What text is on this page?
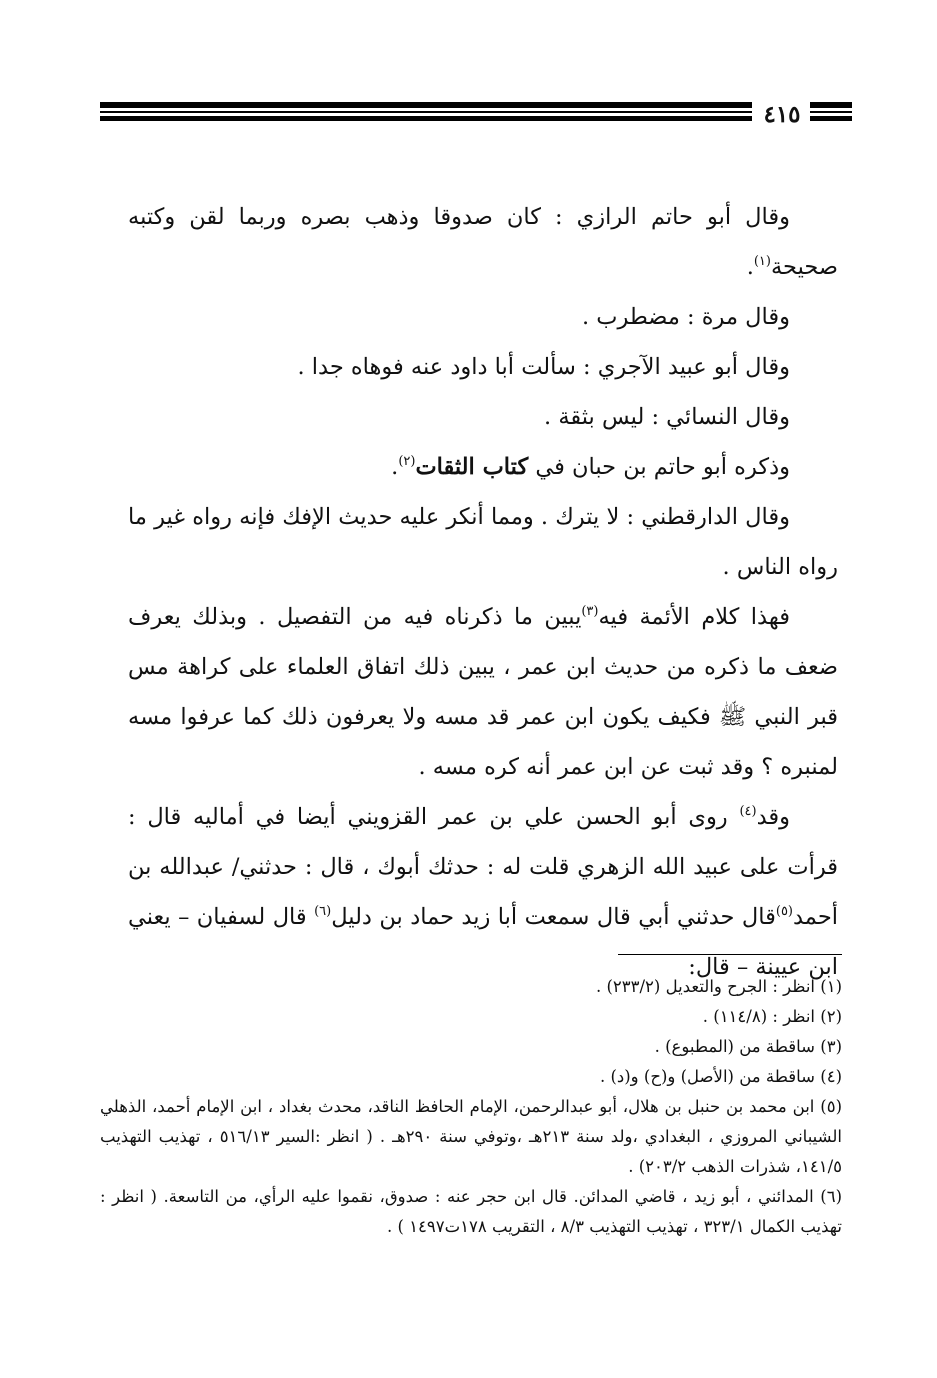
٤١٥

وقال أبو حاتم الرازي : كان صدوقا وذهب بصره وربما لقن وكتبه صحيحة$^{(١)}$.

وقال مرة : مضطرب .

وقال أبو عبيد الآجري : سألت أبا داود عنه فوهاه جدا .

وقال النسائي : ليس بثقة .

وذكره أبو حاتم بن حبان في كتاب الثقات$^{(٢)}$.

وقال الدارقطني : لا يترك . ومما أنكر عليه حديث الإفك فإنه رواه غير ما رواه الناس .

فهذا كلام الأئمة فيه$^{(٣)}$يبين ما ذكرناه فيه من التفصيل . وبذلك يعرف ضعف ما ذكره من حديث ابن عمر ، يبين ذلك اتفاق العلماء على كراهة مس قبر النبي ﷺ فكيف يكون ابن عمر قد مسه ولا يعرفون ذلك كما عرفوا مسه لمنبره ؟ وقد ثبت عن ابن عمر أنه كره مسه .

وقد$^{(٤)}$ روى أبو الحسن علي بن عمر القزويني أيضا في أماليه قال : قرأت على عبيد الله الزهري قلت له : حدثك أبوك ، قال : حدثني/ عبدالله بن أحمد$^{(٥)}$قال حدثني أبي قال سمعت أبا زيد حماد بن دليل$^{(٦)}$ قال لسفيان – يعني ابن عيينة – قال:

(١) انظر : الجرح والتعديل (٢٣٣/٢) .

(٢) انظر : (١١٤/٨) .

(٣) ساقطة من (المطبوع) .

(٤) ساقطة من (الأصل) و(ح) و(د) .

(٥) ابن محمد بن حنبل بن هلال، أبو عبدالرحمن، الإمام الحافظ الناقد، محدث بغداد ، ابن الإمام أحمد، الذهلي الشيباني المروزي ، البغدادي ،ولد سنة ٢١٣هـ ،وتوفي سنة ٢٩٠هـ . ( انظر :السير ٥١٦/١٣ ، تهذيب التهذيب ١٤١/٥، شذرات الذهب ٢٠٣/٢) .

(٦) المدائني ، أبو زيد ، قاضي المدائن. قال ابن حجر عنه : صدوق، نقموا عليه الرأي، من التاسعة. ( انظر : تهذيب الكمال ٣٢٣/١ ، تهذيب التهذيب ٨/٣ ، التقريب ١٧٨ت١٤٩٧ ) .
